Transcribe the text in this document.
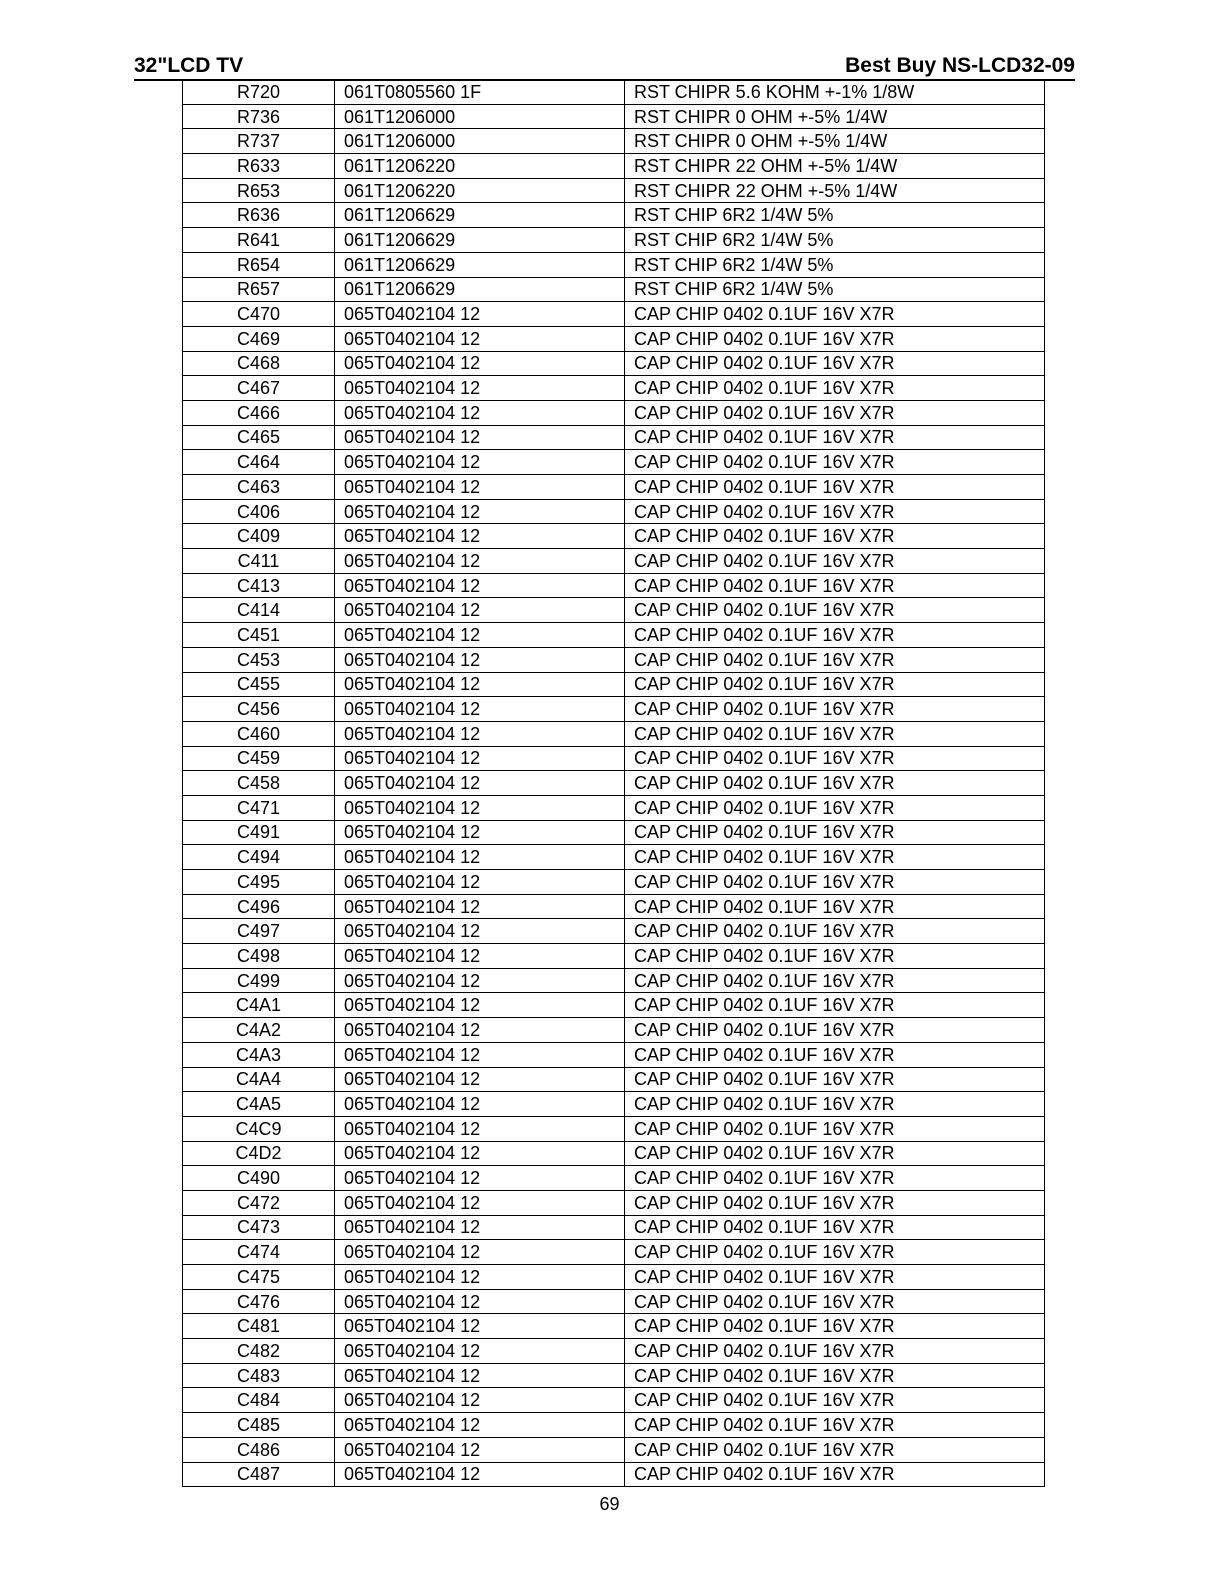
32"LCD TV	Best Buy NS-LCD32-09
R720	061T0805560 1F	RST CHIPR 5.6 KOHM +-1% 1/8W
R736	061T1206000	RST CHIPR 0 OHM +-5% 1/4W
R737	061T1206000	RST CHIPR 0 OHM +-5% 1/4W
R633	061T1206220	RST CHIPR 22 OHM +-5% 1/4W
R653	061T1206220	RST CHIPR 22 OHM +-5% 1/4W
R636	061T1206629	RST CHIP 6R2 1/4W 5%
R641	061T1206629	RST CHIP 6R2 1/4W 5%
R654	061T1206629	RST CHIP 6R2 1/4W 5%
R657	061T1206629	RST CHIP 6R2 1/4W 5%
C470	065T0402104 12	CAP CHIP 0402 0.1UF 16V X7R
C469	065T0402104 12	CAP CHIP 0402 0.1UF 16V X7R
C468	065T0402104 12	CAP CHIP 0402 0.1UF 16V X7R
C467	065T0402104 12	CAP CHIP 0402 0.1UF 16V X7R
C466	065T0402104 12	CAP CHIP 0402 0.1UF 16V X7R
C465	065T0402104 12	CAP CHIP 0402 0.1UF 16V X7R
C464	065T0402104 12	CAP CHIP 0402 0.1UF 16V X7R
C463	065T0402104 12	CAP CHIP 0402 0.1UF 16V X7R
C406	065T0402104 12	CAP CHIP 0402 0.1UF 16V X7R
C409	065T0402104 12	CAP CHIP 0402 0.1UF 16V X7R
C411	065T0402104 12	CAP CHIP 0402 0.1UF 16V X7R
C413	065T0402104 12	CAP CHIP 0402 0.1UF 16V X7R
C414	065T0402104 12	CAP CHIP 0402 0.1UF 16V X7R
C451	065T0402104 12	CAP CHIP 0402 0.1UF 16V X7R
C453	065T0402104 12	CAP CHIP 0402 0.1UF 16V X7R
C455	065T0402104 12	CAP CHIP 0402 0.1UF 16V X7R
C456	065T0402104 12	CAP CHIP 0402 0.1UF 16V X7R
C460	065T0402104 12	CAP CHIP 0402 0.1UF 16V X7R
C459	065T0402104 12	CAP CHIP 0402 0.1UF 16V X7R
C458	065T0402104 12	CAP CHIP 0402 0.1UF 16V X7R
C471	065T0402104 12	CAP CHIP 0402 0.1UF 16V X7R
C491	065T0402104 12	CAP CHIP 0402 0.1UF 16V X7R
C494	065T0402104 12	CAP CHIP 0402 0.1UF 16V X7R
C495	065T0402104 12	CAP CHIP 0402 0.1UF 16V X7R
C496	065T0402104 12	CAP CHIP 0402 0.1UF 16V X7R
C497	065T0402104 12	CAP CHIP 0402 0.1UF 16V X7R
C498	065T0402104 12	CAP CHIP 0402 0.1UF 16V X7R
C499	065T0402104 12	CAP CHIP 0402 0.1UF 16V X7R
C4A1	065T0402104 12	CAP CHIP 0402 0.1UF 16V X7R
C4A2	065T0402104 12	CAP CHIP 0402 0.1UF 16V X7R
C4A3	065T0402104 12	CAP CHIP 0402 0.1UF 16V X7R
C4A4	065T0402104 12	CAP CHIP 0402 0.1UF 16V X7R
C4A5	065T0402104 12	CAP CHIP 0402 0.1UF 16V X7R
C4C9	065T0402104 12	CAP CHIP 0402 0.1UF 16V X7R
C4D2	065T0402104 12	CAP CHIP 0402 0.1UF 16V X7R
C490	065T0402104 12	CAP CHIP 0402 0.1UF 16V X7R
C472	065T0402104 12	CAP CHIP 0402 0.1UF 16V X7R
C473	065T0402104 12	CAP CHIP 0402 0.1UF 16V X7R
C474	065T0402104 12	CAP CHIP 0402 0.1UF 16V X7R
C475	065T0402104 12	CAP CHIP 0402 0.1UF 16V X7R
C476	065T0402104 12	CAP CHIP 0402 0.1UF 16V X7R
C481	065T0402104 12	CAP CHIP 0402 0.1UF 16V X7R
C482	065T0402104 12	CAP CHIP 0402 0.1UF 16V X7R
C483	065T0402104 12	CAP CHIP 0402 0.1UF 16V X7R
C484	065T0402104 12	CAP CHIP 0402 0.1UF 16V X7R
C485	065T0402104 12	CAP CHIP 0402 0.1UF 16V X7R
C486	065T0402104 12	CAP CHIP 0402 0.1UF 16V X7R
C487	065T0402104 12	CAP CHIP 0402 0.1UF 16V X7R
69
